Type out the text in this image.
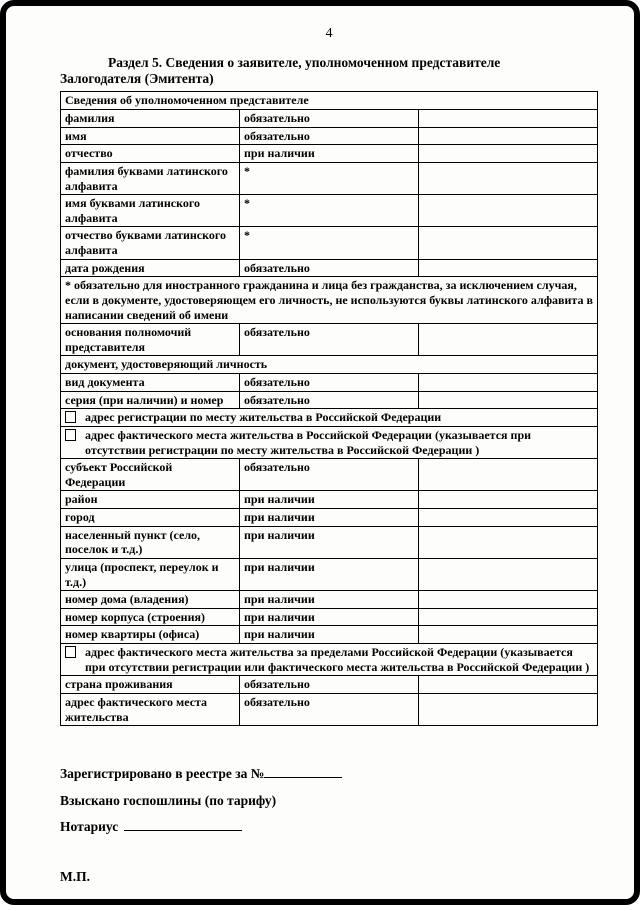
4
Раздел 5. Сведения о заявителе, уполномоченном представителе
Залогодателя (Эмитента)
Сведения об уполномоченном представителе		
фамилия	обязательно	
имя	обязательно	
отчество	при наличии	
фамилия буквами латинского алфавита	*	
имя буквами латинского алфавита	*	
отчество буквами латинского алфавита	*	
дата рождения	обязательно	
* обязательно для иностранного гражданина и лица без гражданства, за исключением случая, если в документе, удостоверяющем его личность, не используются буквы латинского алфавита в написании сведений об имени		
основания полномочий представителя	обязательно	
документ, удостоверяющий личность		
вид документа	обязательно	
серия (при наличии) и номер	обязательно	

адрес регистрации по месту жительства в Российской Федерации		

адрес фактического места жительства в Российской Федерации (указывается при отсутствии регистрации по месту жительства в Российской Федерации )		

субъект Российской Федерации	обязательно	
район	при наличии	
город	при наличии	
населенный пункт (село, поселок и т.д.)	при наличии	
улица (проспект, переулок и т.д.)	при наличии	
номер дома (владения)	при наличии	
номер корпуса (строения)	при наличии	
номер квартиры (офиса)	при наличии	

адрес фактического места жительства за пределами Российской Федерации (указывается при отсутствии регистрации или фактического места жительства в Российской Федерации )		

страна проживания	обязательно	
адрес фактического места жительства	обязательно	
Зарегистрировано в реестре за №
Взыскано госпошлины (по тарифу)
Нотариус
М.П.
